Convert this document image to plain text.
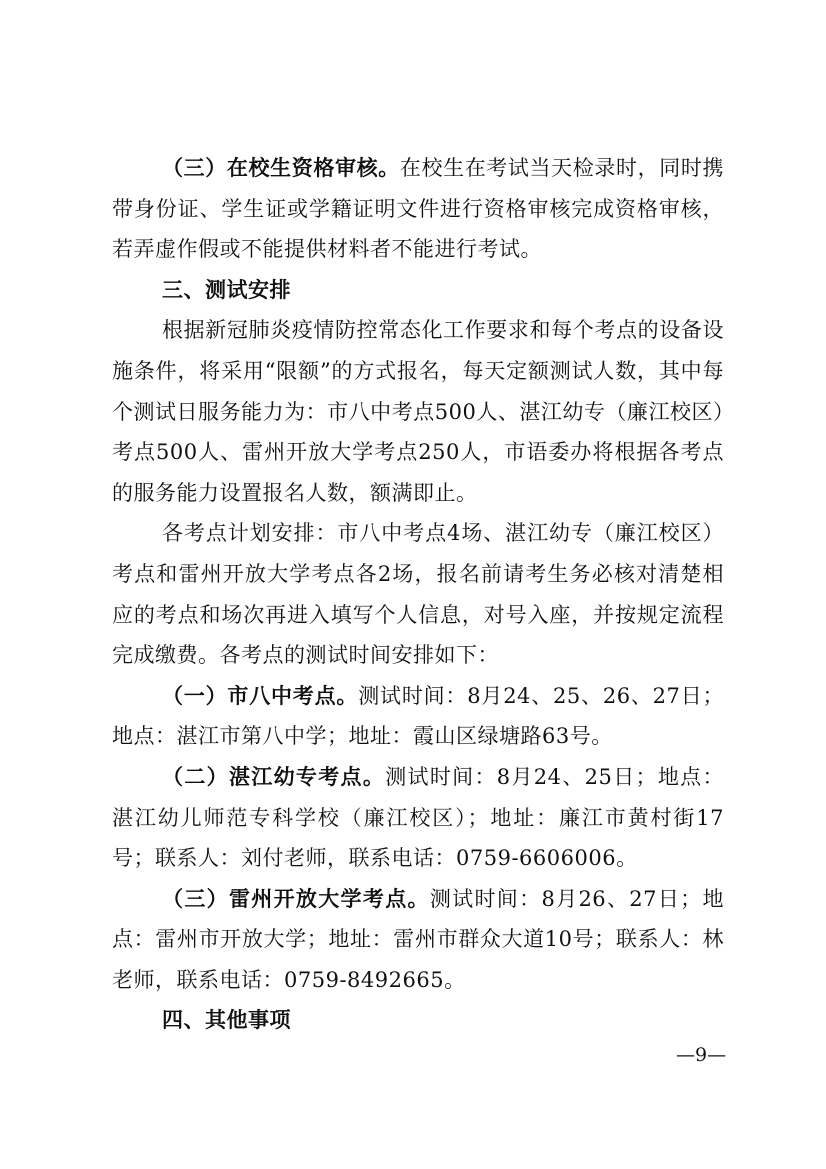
（三）在校生资格审核。在校生在考试当天检录时，同时携带身份证、学生证或学籍证明文件进行资格审核完成资格审核，若弄虚作假或不能提供材料者不能进行考试。

三、测试安排

根据新冠肺炎疫情防控常态化工作要求和每个考点的设备设施条件，将采用“限额”的方式报名，每天定额测试人数，其中每个测试日服务能力为：市八中考点500人、湛江幼专（廉江校区）考点500人、雷州开放大学考点250人，市语委办将根据各考点的服务能力设置报名人数，额满即止。

各考点计划安排：市八中考点4场、湛江幼专（廉江校区）考点和雷州开放大学考点各2场，报名前请考生务必核对清楚相应的考点和场次再进入填写个人信息，对号入座，并按规定流程完成缴费。各考点的测试时间安排如下：

（一）市八中考点。测试时间：8月24、25、26、27日；地点：湛江市第八中学；地址：霞山区绿塘路63号。

（二）湛江幼专考点。测试时间：8月24、25日；地点：湛江幼儿师范专科学校（廉江校区）；地址：廉江市黄村街17号；联系人：刘付老师，联系电话：0759-6606006。

（三）雷州开放大学考点。测试时间：8月26、27日；地点：雷州市开放大学；地址：雷州市群众大道10号；联系人：林老师，联系电话：0759-8492665。

四、其他事项

—9—
